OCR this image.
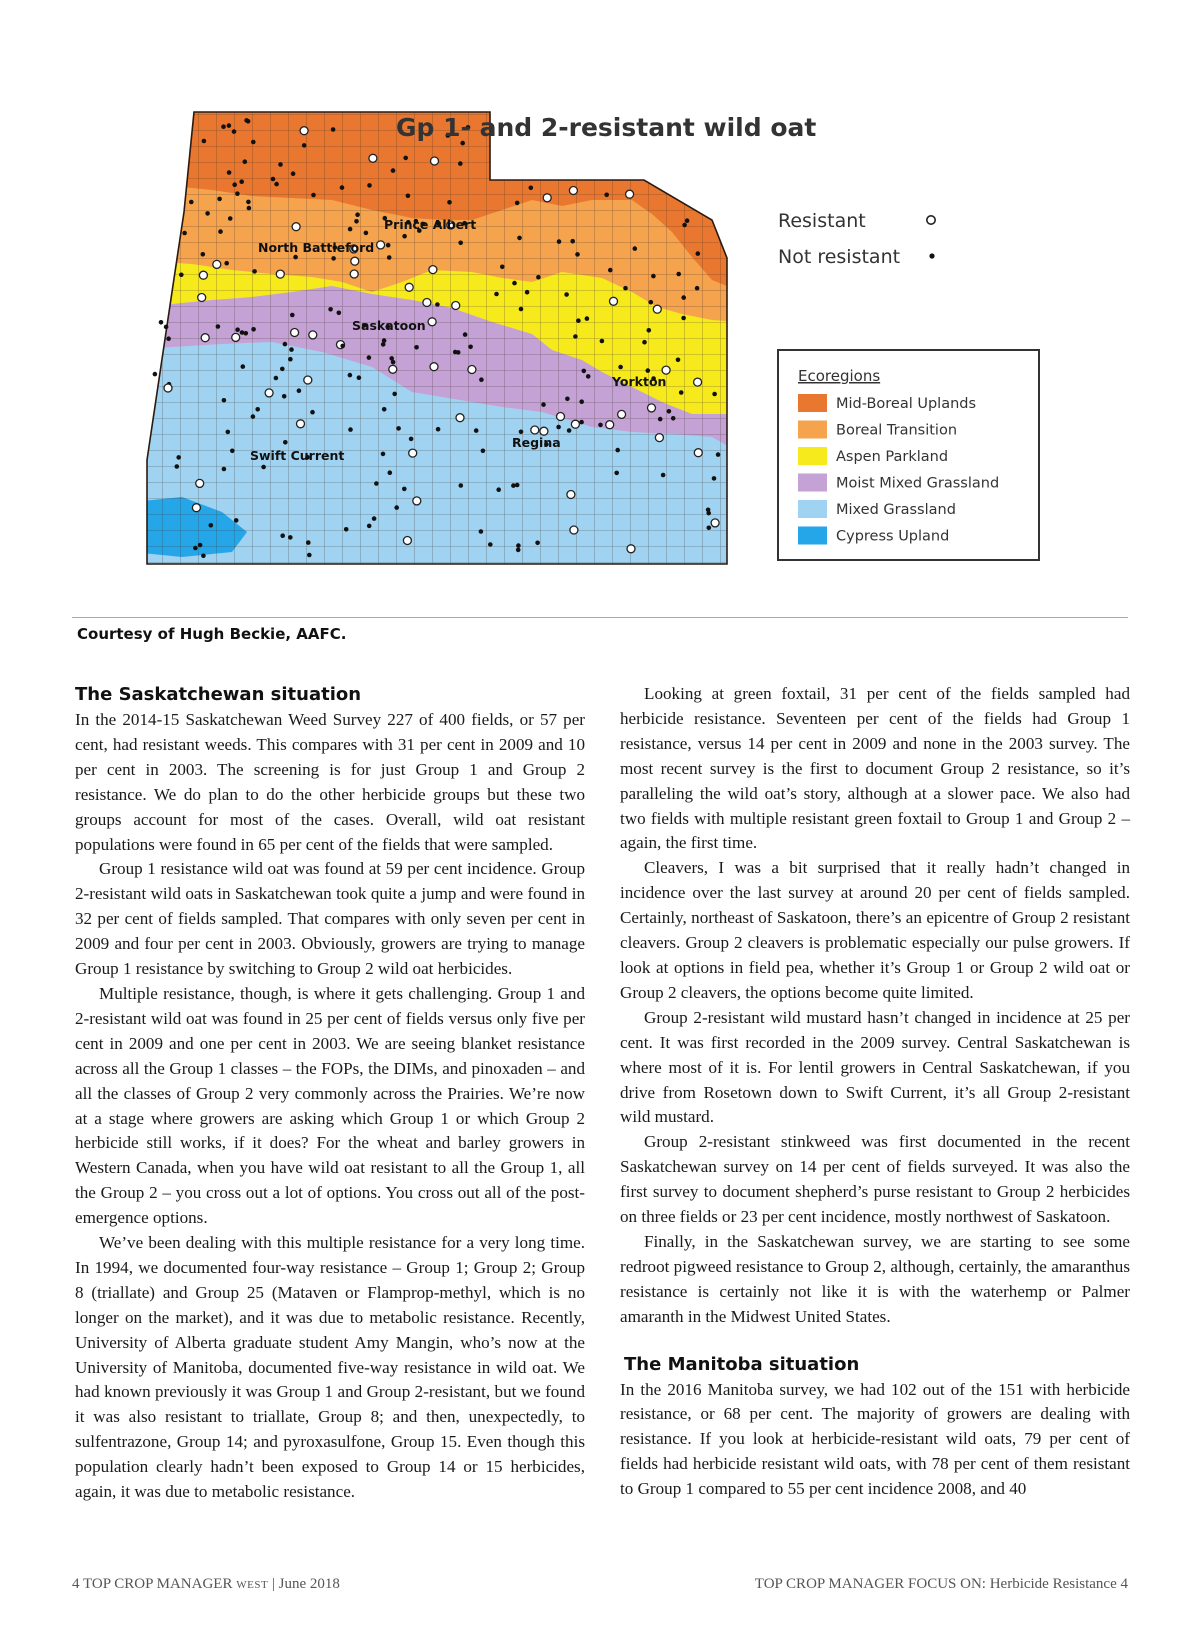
Prince Albert
North Battleford
Saskatoon
Yorkton
Regina
Swift Current
Gp 1- and 2-resistant wild oat
Resistant
Not resistant
Ecoregions
Mid-Boreal Uplands
Boreal Transition
Aspen Parkland
Moist Mixed Grassland
Mixed Grassland
Cypress Upland
Courtesy of Hugh Beckie, AAFC.
The Saskatchewan situation

In the 2014-15 Saskatchewan Weed Survey 227 of 400 fields, or 57 per cent, had resistant weeds. This compares with 31 per cent in 2009 and 10 per cent in 2003. The screening is for just Group 1 and Group 2 resistance. We do plan to do the other herbicide groups but these two groups account for most of the cases. Overall, wild oat resistant populations were found in 65 per cent of the fields that were sampled.

Group 1 resistance wild oat was found at 59 per cent incidence. Group 2-resistant wild oats in Saskatchewan took quite a jump and were found in 32 per cent of fields sampled. That compares with only seven per cent in 2009 and four per cent in 2003. Obviously, growers are trying to manage Group 1 resistance by switching to Group 2 wild oat herbicides.

Multiple resistance, though, is where it gets challenging. Group 1 and 2-resistant wild oat was found in 25 per cent of fields versus only five per cent in 2009 and one per cent in 2003. We are seeing blanket resistance across all the Group 1 classes – the FOPs, the DIMs, and pinoxaden – and all the classes of Group 2 very commonly across the Prairies. We’re now at a stage where growers are asking which Group 1 or which Group 2 herbicide still works, if it does? For the wheat and barley growers in Western Canada, when you have wild oat resistant to all the Group 1, all the Group 2 – you cross out a lot of options. You cross out all of the post-emergence options.

We’ve been dealing with this multiple resistance for a very long time. In 1994, we documented four-way resistance – Group 1; Group 2; Group 8 (triallate) and Group 25 (Mataven or Flamprop-methyl, which is no longer on the market), and it was due to metabolic resistance. Recently, University of Alberta graduate student Amy Mangin, who’s now at the University of Manitoba, documented five-way resistance in wild oat. We had known previously it was Group 1 and Group 2-resistant, but we found it was also resistant to triallate, Group 8; and then, unexpectedly, to sulfentrazone, Group 14; and pyroxasulfone, Group 15. Even though this population clearly hadn’t been exposed to Group 14 or 15 herbicides, again, it was due to metabolic resistance.

Looking at green foxtail, 31 per cent of the fields sampled had herbicide resistance. Seventeen per cent of the fields had Group 1 resistance, versus 14 per cent in 2009 and none in the 2003 survey. The most recent survey is the first to document Group 2 resistance, so it’s paralleling the wild oat’s story, although at a slower pace. We also had two fields with multiple resistant green foxtail to Group 1 and Group 2 – again, the first time.

Cleavers, I was a bit surprised that it really hadn’t changed in incidence over the last survey at around 20 per cent of fields sampled. Certainly, northeast of Saskatoon, there’s an epicentre of Group 2 resistant cleavers. Group 2 cleavers is problematic especially our pulse growers. If look at options in field pea, whether it’s Group 1 or Group 2 wild oat or Group 2 cleavers, the options become quite limited.

Group 2-resistant wild mustard hasn’t changed in incidence at 25 per cent. It was first recorded in the 2009 survey. Central Saskatchewan is where most of it is. For lentil growers in Central Saskatchewan, if you drive from Rosetown down to Swift Current, it’s all Group 2-resistant wild mustard.

Group 2-resistant stinkweed was first documented in the recent Saskatchewan survey on 14 per cent of fields surveyed. It was also the first survey to document shepherd’s purse resistant to Group 2 herbicides on three fields or 23 per cent incidence, mostly northwest of Saskatoon.

Finally, in the Saskatchewan survey, we are starting to see some redroot pigweed resistance to Group 2, although, certainly, the amaranthus resistance is certainly not like it is with the waterhemp or Palmer amaranth in the Midwest United States.

The Manitoba situation

In the 2016 Manitoba survey, we had 102 out of the 151 with herbicide resistance, or 68 per cent. The majority of growers are dealing with resistance. If you look at herbicide-resistant wild oats, 79 per cent of fields had herbicide resistant wild oats, with 78 per cent of them resistant to Group 1 compared to 55 per cent incidence 2008, and 40

4 TOP CROP MANAGER WEST | June 2018	TOP CROP MANAGER FOCUS ON: Herbicide Resistance 4
